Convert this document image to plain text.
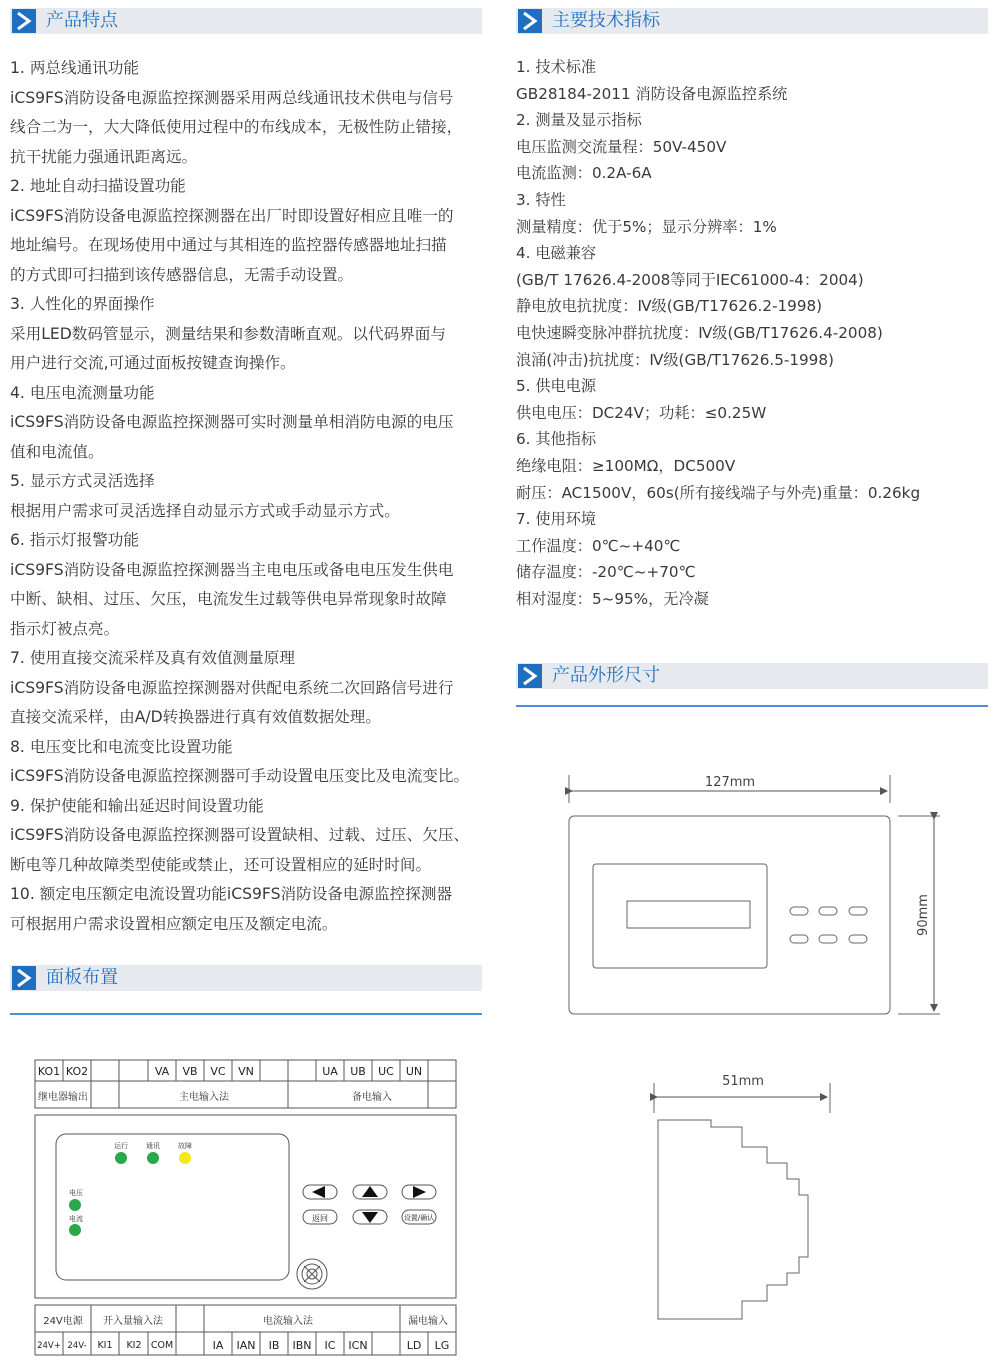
产品特点	主要技术指标
1. 两总线通讯功能
iCS9FS消防设备电源监控探测器采用两总线通讯技术供电与信号
线合二为一，大大降低使用过程中的布线成本，无极性防止错接，
抗干扰能力强通讯距离远。
2. 地址自动扫描设置功能
iCS9FS消防设备电源监控探测器在出厂时即设置好相应且唯一的
地址编号。在现场使用中通过与其相连的监控器传感器地址扫描
的方式即可扫描到该传感器信息，无需手动设置。
3. 人性化的界面操作
采用LED数码管显示，测量结果和参数清晰直观。以代码界面与
用户进行交流,可通过面板按键查询操作。
4. 电压电流测量功能
iCS9FS消防设备电源监控探测器可实时测量单相消防电源的电压
值和电流值。
5. 显示方式灵活选择
根据用户需求可灵活选择自动显示方式或手动显示方式。
6. 指示灯报警功能
iCS9FS消防设备电源监控探测器当主电电压或备电电压发生供电
中断、缺相、过压、欠压，电流发生过载等供电异常现象时故障
指示灯被点亮。
7. 使用直接交流采样及真有效值测量原理
iCS9FS消防设备电源监控探测器对供配电系统二次回路信号进行
直接交流采样，由A/D转换器进行真有效值数据处理。
8. 电压变比和电流变比设置功能
iCS9FS消防设备电源监控探测器可手动设置电压变比及电流变比。
9. 保护使能和输出延迟时间设置功能
iCS9FS消防设备电源监控探测器可设置缺相、过载、过压、欠压、
断电等几种故障类型使能或禁止，还可设置相应的延时时间。
10. 额定电压额定电流设置功能iCS9FS消防设备电源监控探测器
可根据用户需求设置相应额定电压及额定电流。
1. 技术标准
GB28184-2011 消防设备电源监控系统
2. 测量及显示指标
电压监测交流量程：50V-450V
电流监测：0.2A-6A
3. 特性
测量精度：优于5%；显示分辨率：1%
4. 电磁兼容
(GB/T 17626.4-2008等同于IEC61000-4：2004)
静电放电抗扰度：Ⅳ级(GB/T17626.2-1998)
电快速瞬变脉冲群抗扰度：Ⅳ级(GB/T17626.4-2008)
浪涌(冲击)抗扰度：Ⅳ级(GB/T17626.5-1998)
5. 供电电源
供电电压：DC24V；功耗：≤0.25W
6. 其他指标
绝缘电阻：≥100MΩ，DC500V
耐压：AC1500V，60s(所有接线端子与外壳)重量：0.26kg
7. 使用环境
工作温度：0℃~+40℃
储存温度：-20℃~+70℃
相对湿度：5~95%，无冷凝
产品外形尺寸
面板布置
127mm
90mm
51mm
KO1 KO2	VA VB VC VN	UA UB UC UN
继电器输出	主电输入法	备电输入
运行	通讯	故障
电压
电流	返回	设置/确认
24V电源 开入量输入法	电流输入法	漏电输入
24V+ 24V- KI1 KI2 COM	IA IAN IB IBN IC ICN	LD LG
